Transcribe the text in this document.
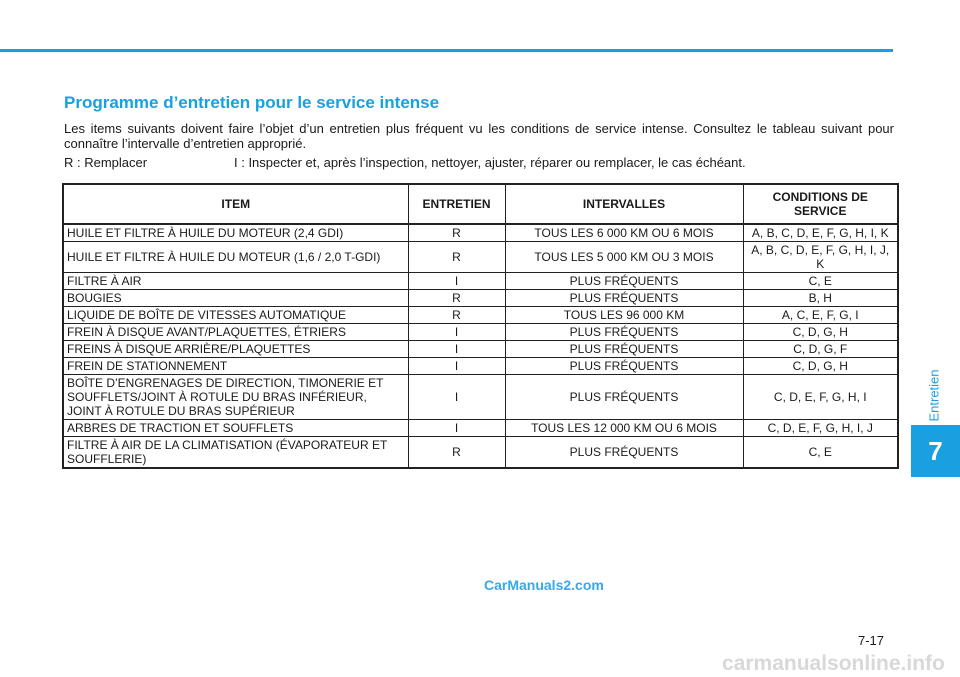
Programme d’entretien pour le service intense
Les items suivants doivent faire l’objet d’un entretien plus fréquent vu les conditions de service intense. Consultez le tableau suivant pour connaître l’intervalle d’entretien approprié.
R : Remplacer	I : Inspecter et, après l’inspection, nettoyer, ajuster, réparer ou remplacer, le cas échéant.
ITEM	ENTRETIEN	INTERVALLES	CONDITIONS DE SERVICE
HUILE ET FILTRE À HUILE DU MOTEUR (2,4 GDI)	R	TOUS LES 6 000 KM OU 6 MOIS	A, B, C, D, E, F, G, H, I, K
HUILE ET FILTRE À HUILE DU MOTEUR (1,6 / 2,0 T-GDI)	R	TOUS LES 5 000 KM OU 3 MOIS	A, B, C, D, E, F, G, H, I, J, K
FILTRE À AIR	I	PLUS FRÉQUENTS	C, E
BOUGIES	R	PLUS FRÉQUENTS	B, H
LIQUIDE DE BOÎTE DE VITESSES AUTOMATIQUE	R	TOUS LES 96 000 KM	A, C, E, F, G, I
FREIN À DISQUE AVANT/PLAQUETTES, ÉTRIERS	I	PLUS FRÉQUENTS	C, D, G, H
FREINS À DISQUE ARRIÈRE/PLAQUETTES	I	PLUS FRÉQUENTS	C, D, G, F
FREIN DE STATIONNEMENT	I	PLUS FRÉQUENTS	C, D, G, H
BOÎTE D’ENGRENAGES DE DIRECTION, TIMONERIE ET SOUFFLETS/JOINT À ROTULE DU BRAS INFÉRIEUR, JOINT À ROTULE DU BRAS SUPÉRIEUR	I	PLUS FRÉQUENTS	C, D, E, F, G, H, I
ARBRES DE TRACTION ET SOUFFLETS	I	TOUS LES 12 000 KM OU 6 MOIS	C, D, E, F, G, H, I, J
FILTRE À AIR DE LA CLIMATISATION (ÉVAPORATEUR ET SOUFFLERIE)	R	PLUS FRÉQUENTS	C, E
Entretien
7
CarManuals2.com
7-17
carmanualsonline.info
